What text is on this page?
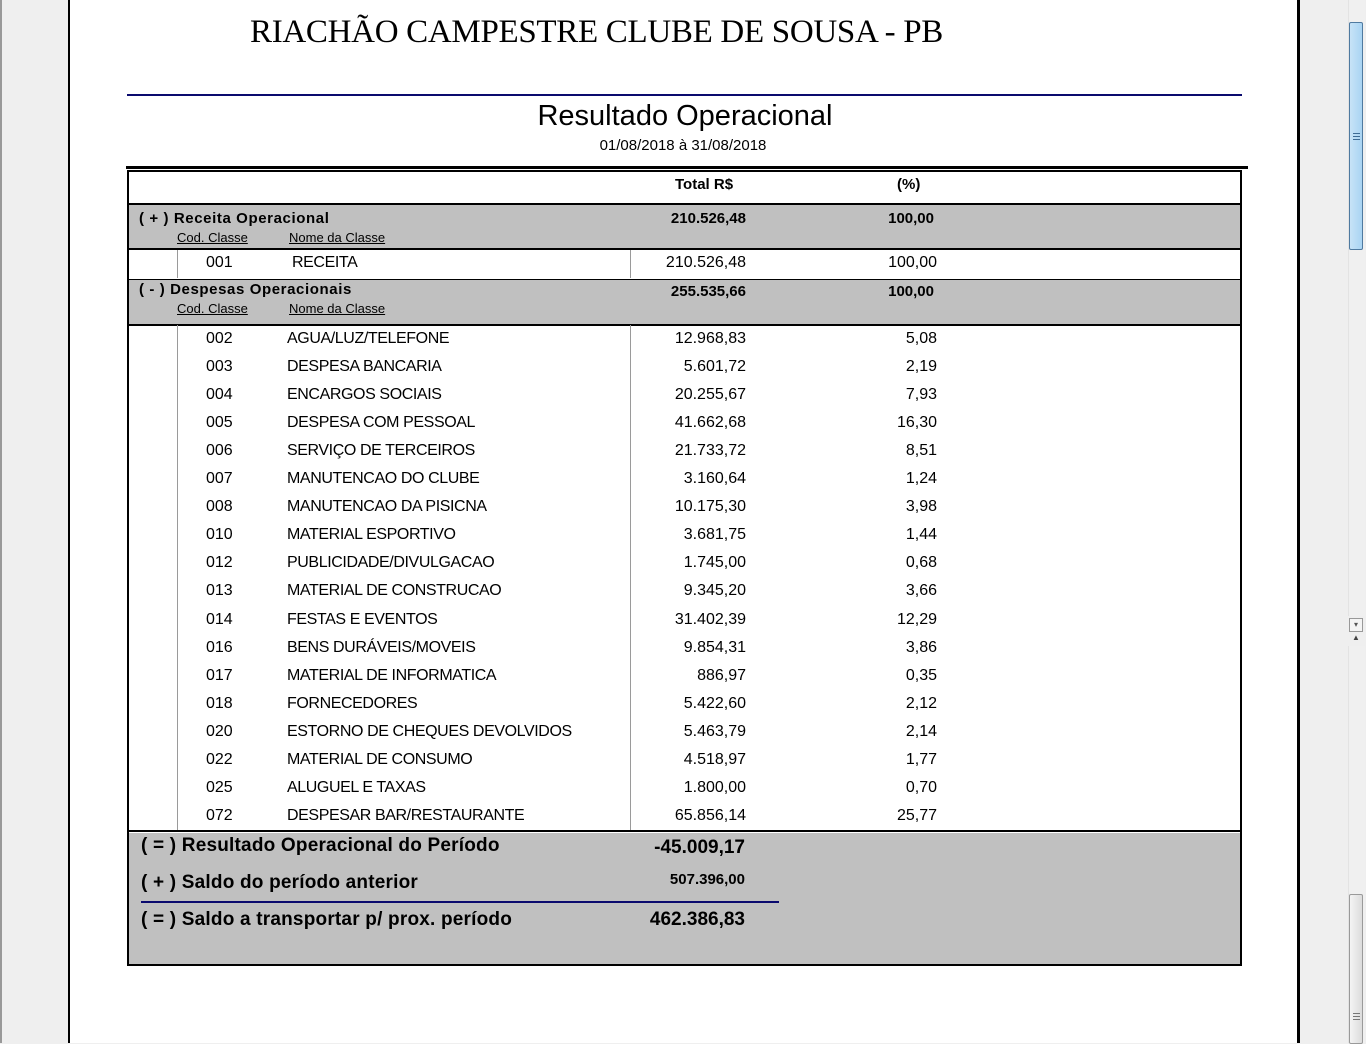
▾
▲
RIACHÃO CAMPESTRE CLUBE DE SOUSA - PB
Resultado Operacional
01/08/2018 à 31/08/2018
Total R$	(%)
( + ) Receita Operacional	210.526,48	100,00
Cod. Classe	Nome da Classe
001	RECEITA	210.526,48	100,00
( - ) Despesas Operacionais	255.535,66	100,00
Cod. Classe	Nome da Classe
002	AGUA/LUZ/TELEFONE	12.968,83	5,08
003	DESPESA BANCARIA	5.601,72	2,19
004	ENCARGOS SOCIAIS	20.255,67	7,93
005	DESPESA COM PESSOAL	41.662,68	16,30
006	SERVIÇO DE TERCEIROS	21.733,72	8,51
007	MANUTENCAO DO CLUBE	3.160,64	1,24
008	MANUTENCAO DA PISICNA	10.175,30	3,98
010	MATERIAL ESPORTIVO	3.681,75	1,44
012	PUBLICIDADE/DIVULGACAO	1.745,00	0,68
013	MATERIAL DE CONSTRUCAO	9.345,20	3,66
014	FESTAS E EVENTOS	31.402,39	12,29
016	BENS DURÁVEIS/MOVEIS	9.854,31	3,86
017	MATERIAL DE INFORMATICA	886,97	0,35
018	FORNECEDORES	5.422,60	2,12
020	ESTORNO DE CHEQUES DEVOLVIDOS	5.463,79	2,14
022	MATERIAL DE CONSUMO	4.518,97	1,77
025	ALUGUEL E TAXAS	1.800,00	0,70
072	DESPESAR BAR/RESTAURANTE	65.856,14	25,77
( = ) Resultado Operacional do Período	-45.009,17
( + ) Saldo do período anterior	507.396,00
( = ) Saldo a transportar p/ prox. período	462.386,83
